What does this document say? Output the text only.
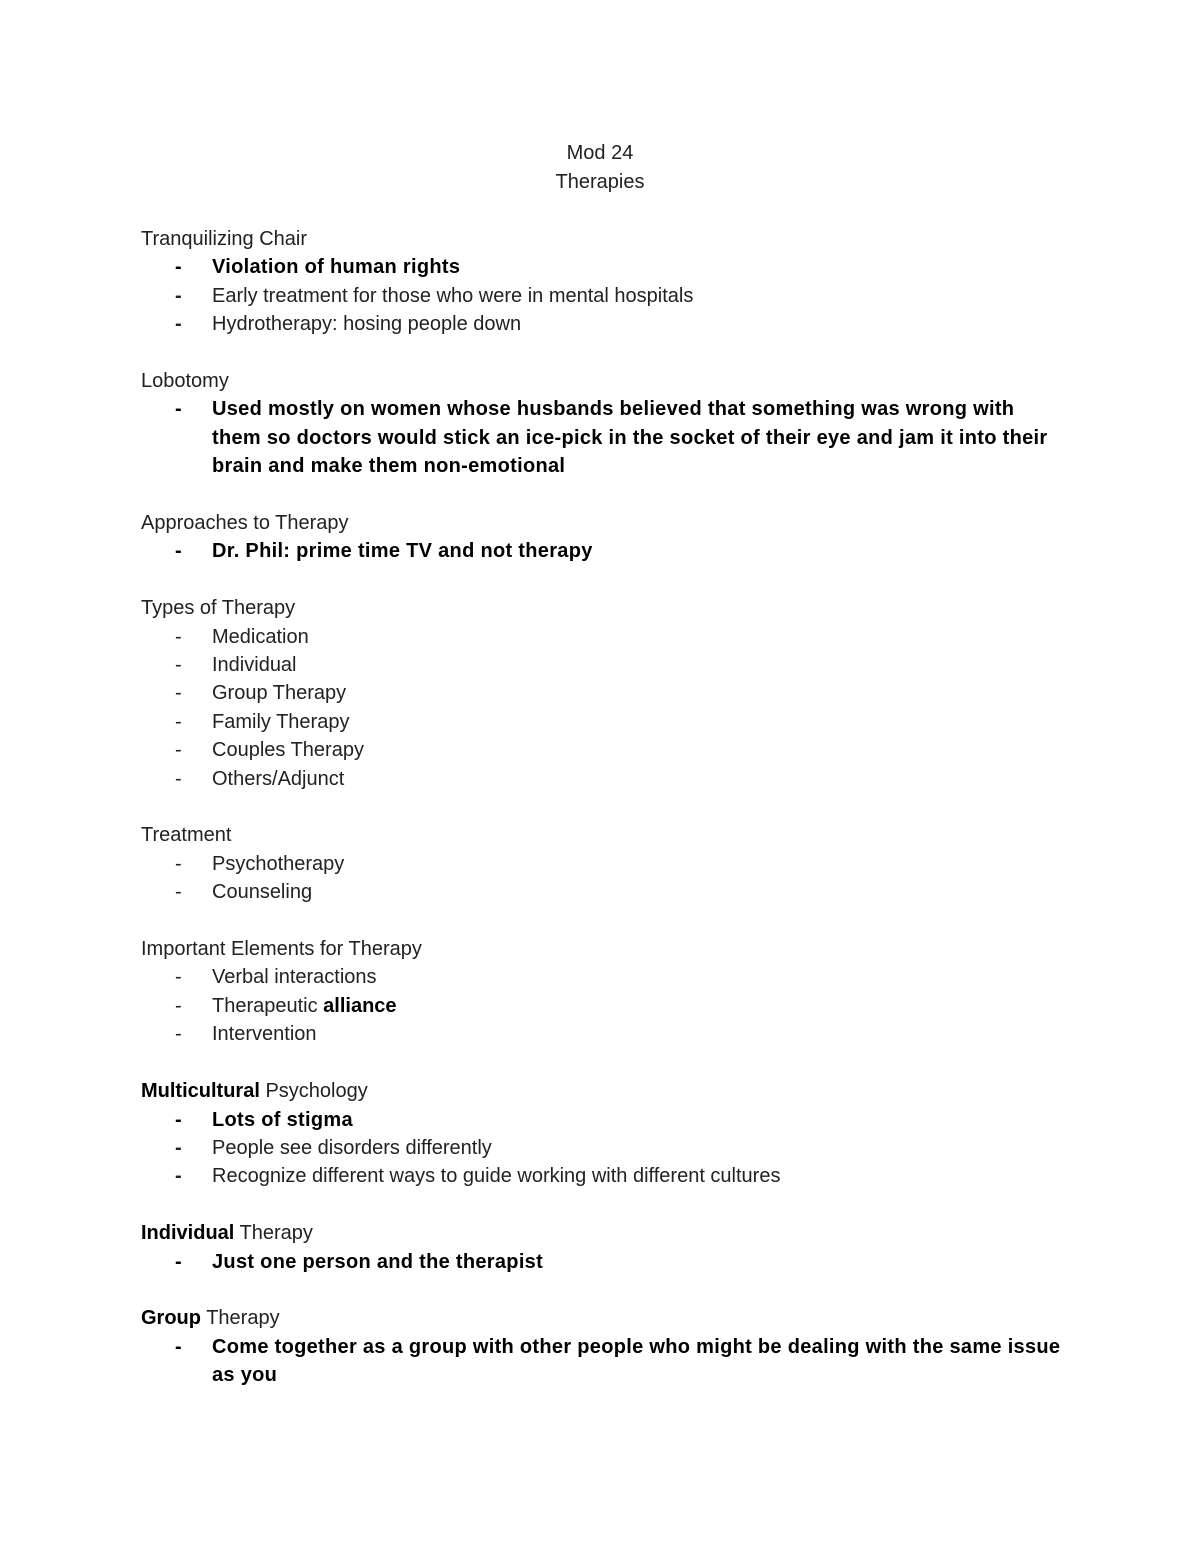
Mod 24
Therapies
Tranquilizing Chair
- Violation of human rights
- Early treatment for those who were in mental hospitals
- Hydrotherapy: hosing people down
Lobotomy
- Used mostly on women whose husbands believed that something was wrong with them so doctors would stick an ice-pick in the socket of their eye and jam it into their brain and make them non-emotional
Approaches to Therapy
- Dr. Phil: prime time TV and not therapy
Types of Therapy
- Medication
- Individual
- Group Therapy
- Family Therapy
- Couples Therapy
- Others/Adjunct
Treatment
- Psychotherapy
- Counseling
Important Elements for Therapy
- Verbal interactions
- Therapeutic alliance
- Intervention
Multicultural Psychology
- Lots of stigma
- People see disorders differently
- Recognize different ways to guide working with different cultures
Individual Therapy
- Just one person and the therapist
Group Therapy
- Come together as a group with other people who might be dealing with the same issue as you
